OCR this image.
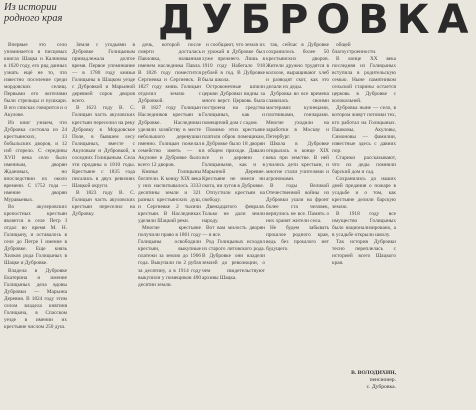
Из истории родного края ДУБРОВКА

Впервые это село упоминается в писцовых книгах Шацка и Калинова в 1620 году, его ряд данных узнать ещё не то, что известно поселение среди мордовских селищ. Первыми его жителями были стрельцы и пушкари. В его списках говорится и о Акулове.

Из книг узнаем, что Дубровка состояла из 24 крестьянских, 13 бобыльских дворов, и 12 изб сгорело. С середины XVII века село было именным, дворян Ждановых, но впоследствии их около времени. С 1752 года — имение дворян Муравьевых.

Во акулеровских крепостных крестьян является в селе Петр I отдал во время М. Н. Голицыну, и оставалось в селе до Петре I имение в Дубровке. Еще князь Хилков рода Голицыных в Шацке и Дубровке.

Владела в Дубровке Екатерина и имение Голицыных дела вдовы Дубровки — Марьина Деревня. В 1824 году этим селом владела княгиня Голицына, в Спасском уезде в имении их крестьяне числом 250 душ.

Земля с угодьями в Дубровке Голицыным принадлежала долгое время. Первое упоминание — в 1780 году князья Голицыны в Шацком уезде с Дубровкой и Марьиной деревней сорок дворов всего.

В 1623 году В. С. Голицын часть акуловских крестьян переселил на реку Дубровку в Мордовское Поле, в бывшем лесу Голицыных, вместе с Акуловым и Дубровкой, в соседних Голицыным. Села эти проданы в 1810 годы. Крестьяне с 1835 года писались в двух ревизиях Шацкой округи.

В 1823 году В. С. Голицын часть акуловских крестьян переселил на Дубровку.

дочь, которой после смерти досталась Павловка, названная именем наследника Павла. В 1826 году поместится Сергиевка и Сергиевск. В 1827 году князь Голицын отделил землю с Дубровкой.

В 1827 году Голицын Наследников крестьян в Дубровке. Наследники уделяли хозяйству в месте небольшого деревушки именно. Голицын пожелал семейство иметь — в Акулове и Дубровке было всего 12 дворов.

Князья Голицыны богатели. К концу XIX века у них насчитывалось 3333 десятины земли и 321 разных крестьянских душ, и Сергиевке 2 тысячи крестьян. В Наследниках уделяли Шацкий реки.

Многие крестьяне получили право в 1861 году Голицыны освободили крестьян, выкупные платежи за землю до 1906 года. Выкупали по 2 рубля за десятину, а в 1914 году выкупили у помещиков 400 десятин земли.

и сообщают, что земля их и урожай в Дубровке был хуже прежнего. Лишь в 1910 году Набегало 918 рублей в год. В Дубровке была школа.

Остроконечные шпили церкви Дубровки видны за много верст. Церковь была построена на средства Голицыных, как и помещичий дом с садом.

Помимо этих крестьяне платили оброк помещикам, в Дубровке было 18 дворян в общем приходе. Давали все и деревни с Голицыными, как и в Марьиной Деревне. Крестьяне не имели ни скота, ни лугов в Дубровке.

Отпустили крестьян на свободу.

Двенадцатого февраля. Только не дали земли народу.

Вот вам милость дворян — и все.

Род Голицыных исходил из старого литовского рода. В Дубровке они владели землей до революции, о чем свидетельствуют архивы Шацка.

так, сейчас в Дубровке сохранилось более 50 крестьянских дворов. Жители дружно трудятся в колхозе, выращивают хлеб и разводят скот, как это делали их деды.

Дубровка во все времена славилась своими мастерами: кузнецами, плотниками, гончарами. Многие уходили на заработки в Москву и Петербург.

Школа в Дубровке открылась в конце XIX века при земстве. В ней учились дети крестьян, и многие стали учителями и агрономами.

В годы Великой Отечественной войны из Дубровки ушли на фронт более ста человек, вернулись не все. Память о них хранят жители села.

Не будем забывать прошлое родного края, ведь без прошлого нет будущего.

общей благоустроенности.

В конце XX века последняя из Голицыных вступила в родительскую семью. Ныне памятником сельской старины остается церковь в Дубровке с колокольней.

Дубровка ныне — село, в котором живут потомки тех, кто работал на Голицыных. Пашковы, Акуловы, Симоновы — фамилии, известные здесь с давних пор.

Старики рассказывают, что их деды помнили барский дом и сад.

Сохранились до наших дней предания о пожаре в усадьбе и о том, как крестьяне делили барскую землю.

В 1918 году все имущество Голицыных было национализировано, а в усадьбе открыли школу.

Так история Дубровки тесно переплелась с историей всего Шацкого края.

В. ВОЛОДИХИН,
пенсионер.
с. Дубровка.
